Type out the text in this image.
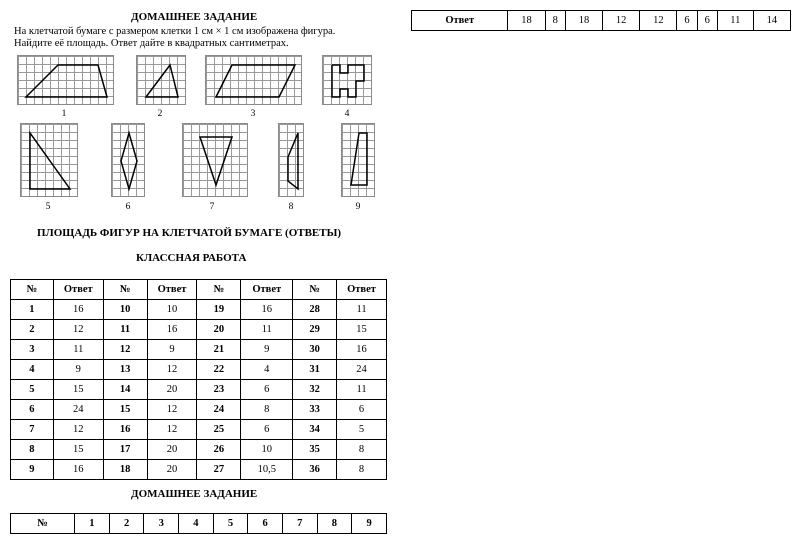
ДОМАШНЕЕ ЗАДАНИЕ
На клетчатой бумаге с размером клетки 1 см × 1 см изображена фигура.
Найдите её площадь. Ответ дайте в квадратных сантиметрах.
1	2	3	4
5	6	7	8	9
ПЛОЩАДЬ ФИГУР НА КЛЕТЧАТОЙ БУМАГЕ (ОТВЕТЫ)
КЛАССНАЯ РАБОТА
№	Ответ	№	Ответ	№	Ответ	№	Ответ
1	16	10	10	19	16	28	11
2	12	11	16	20	11	29	15
3	11	12	9	21	9	30	16
4	9	13	12	22	4	31	24
5	15	14	20	23	6	32	11
6	24	15	12	24	8	33	6
7	12	16	12	25	6	34	5
8	15	17	20	26	10	35	8
9	16	18	20	27	10,5	36	8
ДОМАШНЕЕ ЗАДАНИЕ
№	1	2	3	4	5	6	7	8	9
Ответ	18	8	18	12	12	6	6	11	14
